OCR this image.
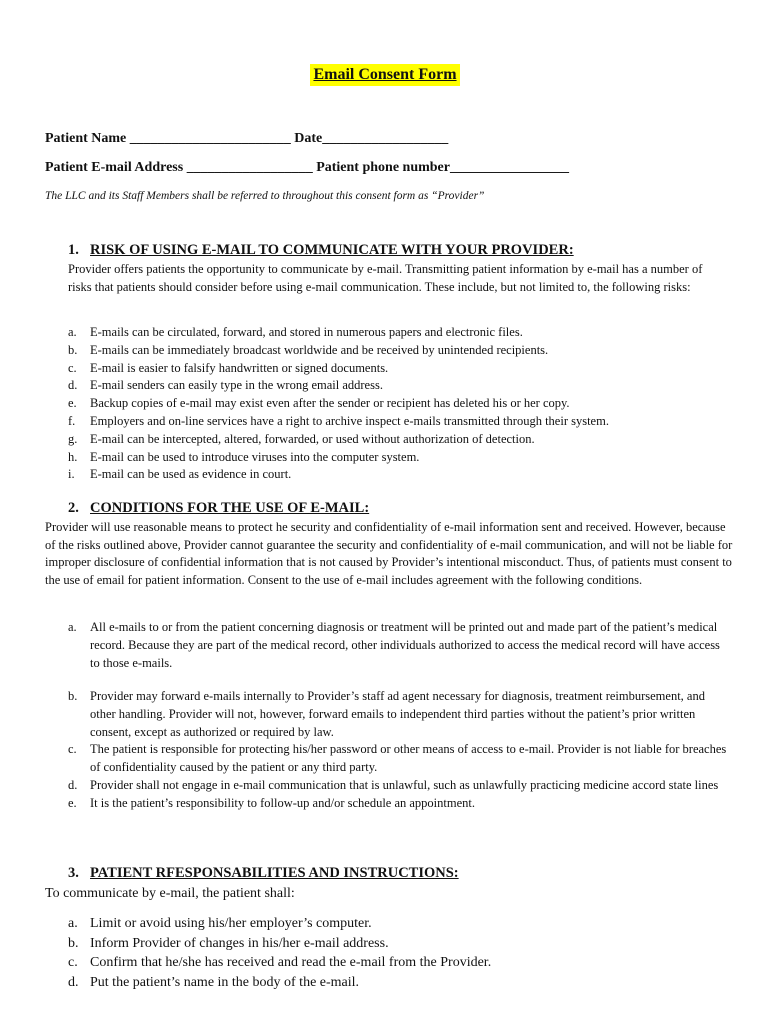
Email Consent Form
Patient Name _______________________ Date__________________
Patient E-mail Address __________________ Patient phone number_________________
The LLC and its Staff Members shall be referred to throughout this consent form as “Provider”
1. RISK OF USING E-MAIL TO COMMUNICATE WITH YOUR PROVIDER:
Provider offers patients the opportunity to communicate by e-mail. Transmitting patient information by e-mail has a number of risks that patients should consider before using e-mail communication. These include, but not limited to, the following risks:
a.	E-mails can be circulated, forward, and stored in numerous papers and electronic files.
b.	E-mails can be immediately broadcast worldwide and be received by unintended recipients.
c.	E-mail is easier to falsify handwritten or signed documents.
d.	E-mail senders can easily type in the wrong email address.
e.	Backup copies of e-mail may exist even after the sender or recipient has deleted his or her copy.
f.	Employers and on-line services have a right to archive inspect e-mails transmitted through their system.
g.	E-mail can be intercepted, altered, forwarded, or used without authorization of detection.
h.	E-mail can be used to introduce viruses into the computer system.
i.	E-mail can be used as evidence in court.
2. CONDITIONS FOR THE USE OF E-MAIL:
Provider will use reasonable means to protect he security and confidentiality of e-mail information sent and received. However, because of the risks outlined above, Provider cannot guarantee the security and confidentiality of e-mail communication, and will not be liable for improper disclosure of confidential information that is not caused by Provider’s intentional misconduct. Thus, of patients must consent to the use of email for patient information. Consent to the use of e-mail includes agreement with the following conditions.
a.	All e-mails to or from the patient concerning diagnosis or treatment will be printed out and made part of the patient’s medical record. Because they are part of the medical record, other individuals authorized to access the medical record will have access to those e-mails.
b.	Provider may forward e-mails internally to Provider’s staff ad agent necessary for diagnosis, treatment reimbursement, and other handling. Provider will not, however, forward emails to independent third parties without the patient’s prior written consent, except as authorized or required by law.
c.	The patient is responsible for protecting his/her password or other means of access to e-mail. Provider is not liable for breaches of confidentiality caused by the patient or any third party.
d.	Provider shall not engage in e-mail communication that is unlawful, such as unlawfully practicing medicine accord state lines
e.	It is the patient’s responsibility to follow-up and/or schedule an appointment.
3. PATIENT RFESPONSABILITIES AND INSTRUCTIONS:
To communicate by e-mail, the patient shall:
a. Limit or avoid using his/her employer’s computer.
b. Inform Provider of changes in his/her e-mail address.
c. Confirm that he/she has received and read the e-mail from the Provider.
d. Put the patient’s name in the body of the e-mail.
